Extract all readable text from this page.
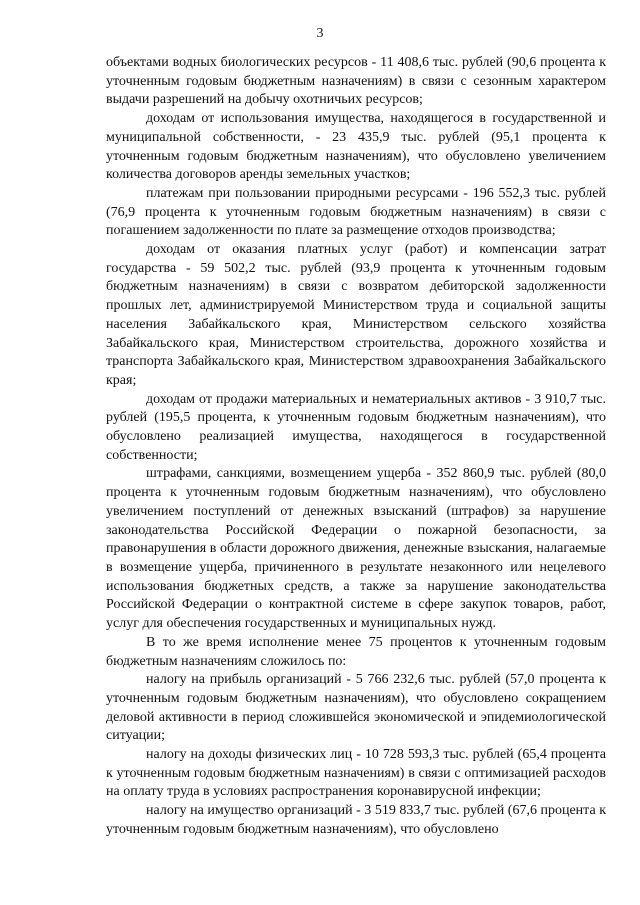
3

объектами водных биологических ресурсов - 11 408,6 тыс. рублей (90,6 процента к уточненным годовым бюджетным назначениям) в связи с сезонным характером выдачи разрешений на добычу охотничьих ресурсов;

доходам от использования имущества, находящегося в государственной и муниципальной собственности, - 23 435,9 тыс. рублей (95,1 процента к уточненным годовым бюджетным назначениям), что обусловлено увеличением количества договоров аренды земельных участков;

платежам при пользовании природными ресурсами - 196 552,3 тыс. рублей (76,9 процента к уточненным годовым бюджетным назначениям) в связи с погашением задолженности по плате за размещение отходов производства;

доходам от оказания платных услуг (работ) и компенсации затрат государства - 59 502,2 тыс. рублей (93,9 процента к уточненным годовым бюджетным назначениям) в связи с возвратом дебиторской задолженности прошлых лет, администрируемой Министерством труда и социальной защиты населения Забайкальского края, Министерством сельского хозяйства Забайкальского края, Министерством строительства, дорожного хозяйства и транспорта Забайкальского края, Министерством здравоохранения Забайкальского края;

доходам от продажи материальных и нематериальных активов - 3 910,7 тыс. рублей (195,5 процента, к уточненным годовым бюджетным назначениям), что обусловлено реализацией имущества, находящегося в государственной собственности;

штрафами, санкциями, возмещением ущерба - 352 860,9 тыс. рублей (80,0 процента к уточненным годовым бюджетным назначениям), что обусловлено увеличением поступлений от денежных взысканий (штрафов) за нарушение законодательства Российской Федерации о пожарной безопасности, за правонарушения в области дорожного движения, денежные взыскания, налагаемые в возмещение ущерба, причиненного в результате незаконного или нецелевого использования бюджетных средств, а также за нарушение законодательства Российской Федерации о контрактной системе в сфере закупок товаров, работ, услуг для обеспечения государственных и муниципальных нужд.

В то же время исполнение менее 75 процентов к уточненным годовым бюджетным назначениям сложилось по:

налогу на прибыль организаций - 5 766 232,6 тыс. рублей (57,0 процента к уточненным годовым бюджетным назначениям), что обусловлено сокращением деловой активности в период сложившейся экономической и эпидемиологической ситуации;

налогу на доходы физических лиц - 10 728 593,3 тыс. рублей (65,4 процента к уточненным годовым бюджетным назначениям) в связи с оптимизацией расходов на оплату труда в условиях распространения коронавирусной инфекции;

налогу на имущество организаций - 3 519 833,7 тыс. рублей (67,6 процента к уточненным годовым бюджетным назначениям), что обусловлено
